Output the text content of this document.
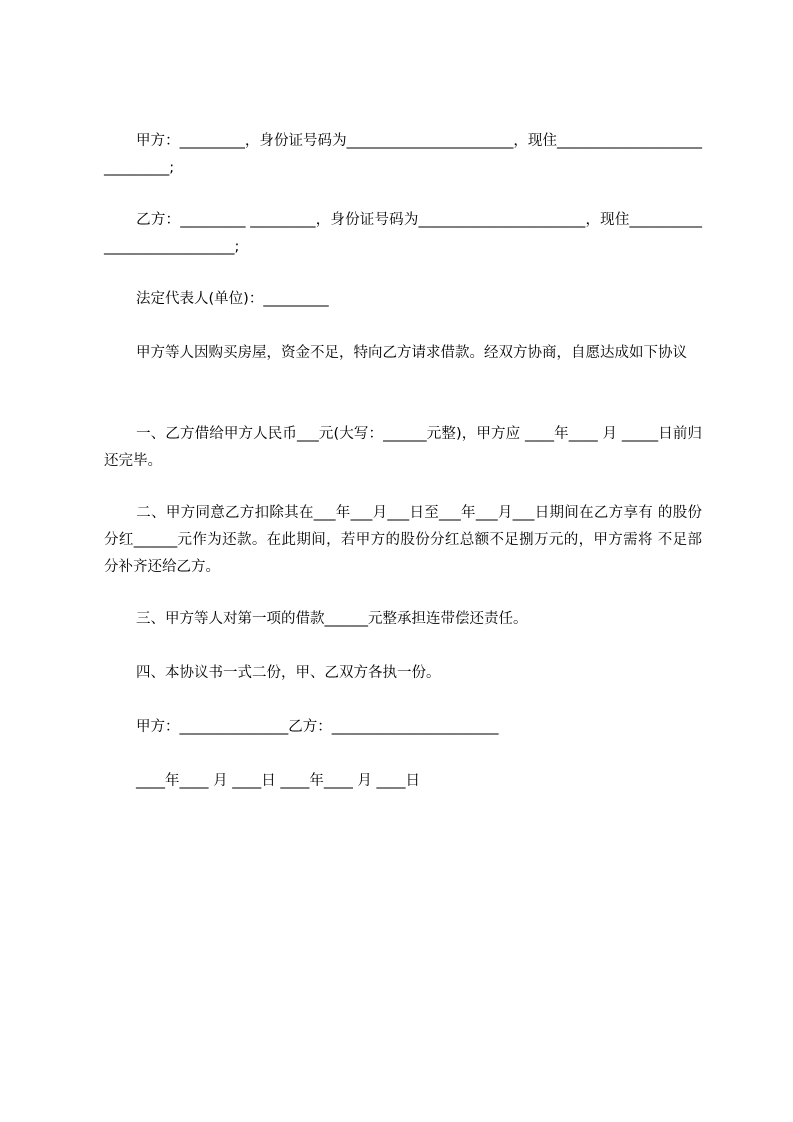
甲方：_________，身份证号码为_______________________，现住_____________________________;

乙方：_________ _________，身份证号码为_______________________，现住____________________________;

法定代表人(单位)：_________

甲方等人因购买房屋，资金不足，特向乙方请求借款。经双方协商，自愿达成如下协议

一、乙方借给甲方人民币___元(大写：______元整)，甲方应 ____年____ 月 _____日前归还完毕。

二、甲方同意乙方扣除其在___年___月___日至___年___月___日期间在乙方享有 的股份分红______元作为还款。在此期间，若甲方的股份分红总额不足捌万元的，甲方需将 不足部分补齐还给乙方。

三、甲方等人对第一项的借款______元整承担连带偿还责任。

四、本协议书一式二份，甲、乙双方各执一份。

甲方：_______________乙方：_______________________

____年____ 月 ____日 ____年____ 月 ____日
